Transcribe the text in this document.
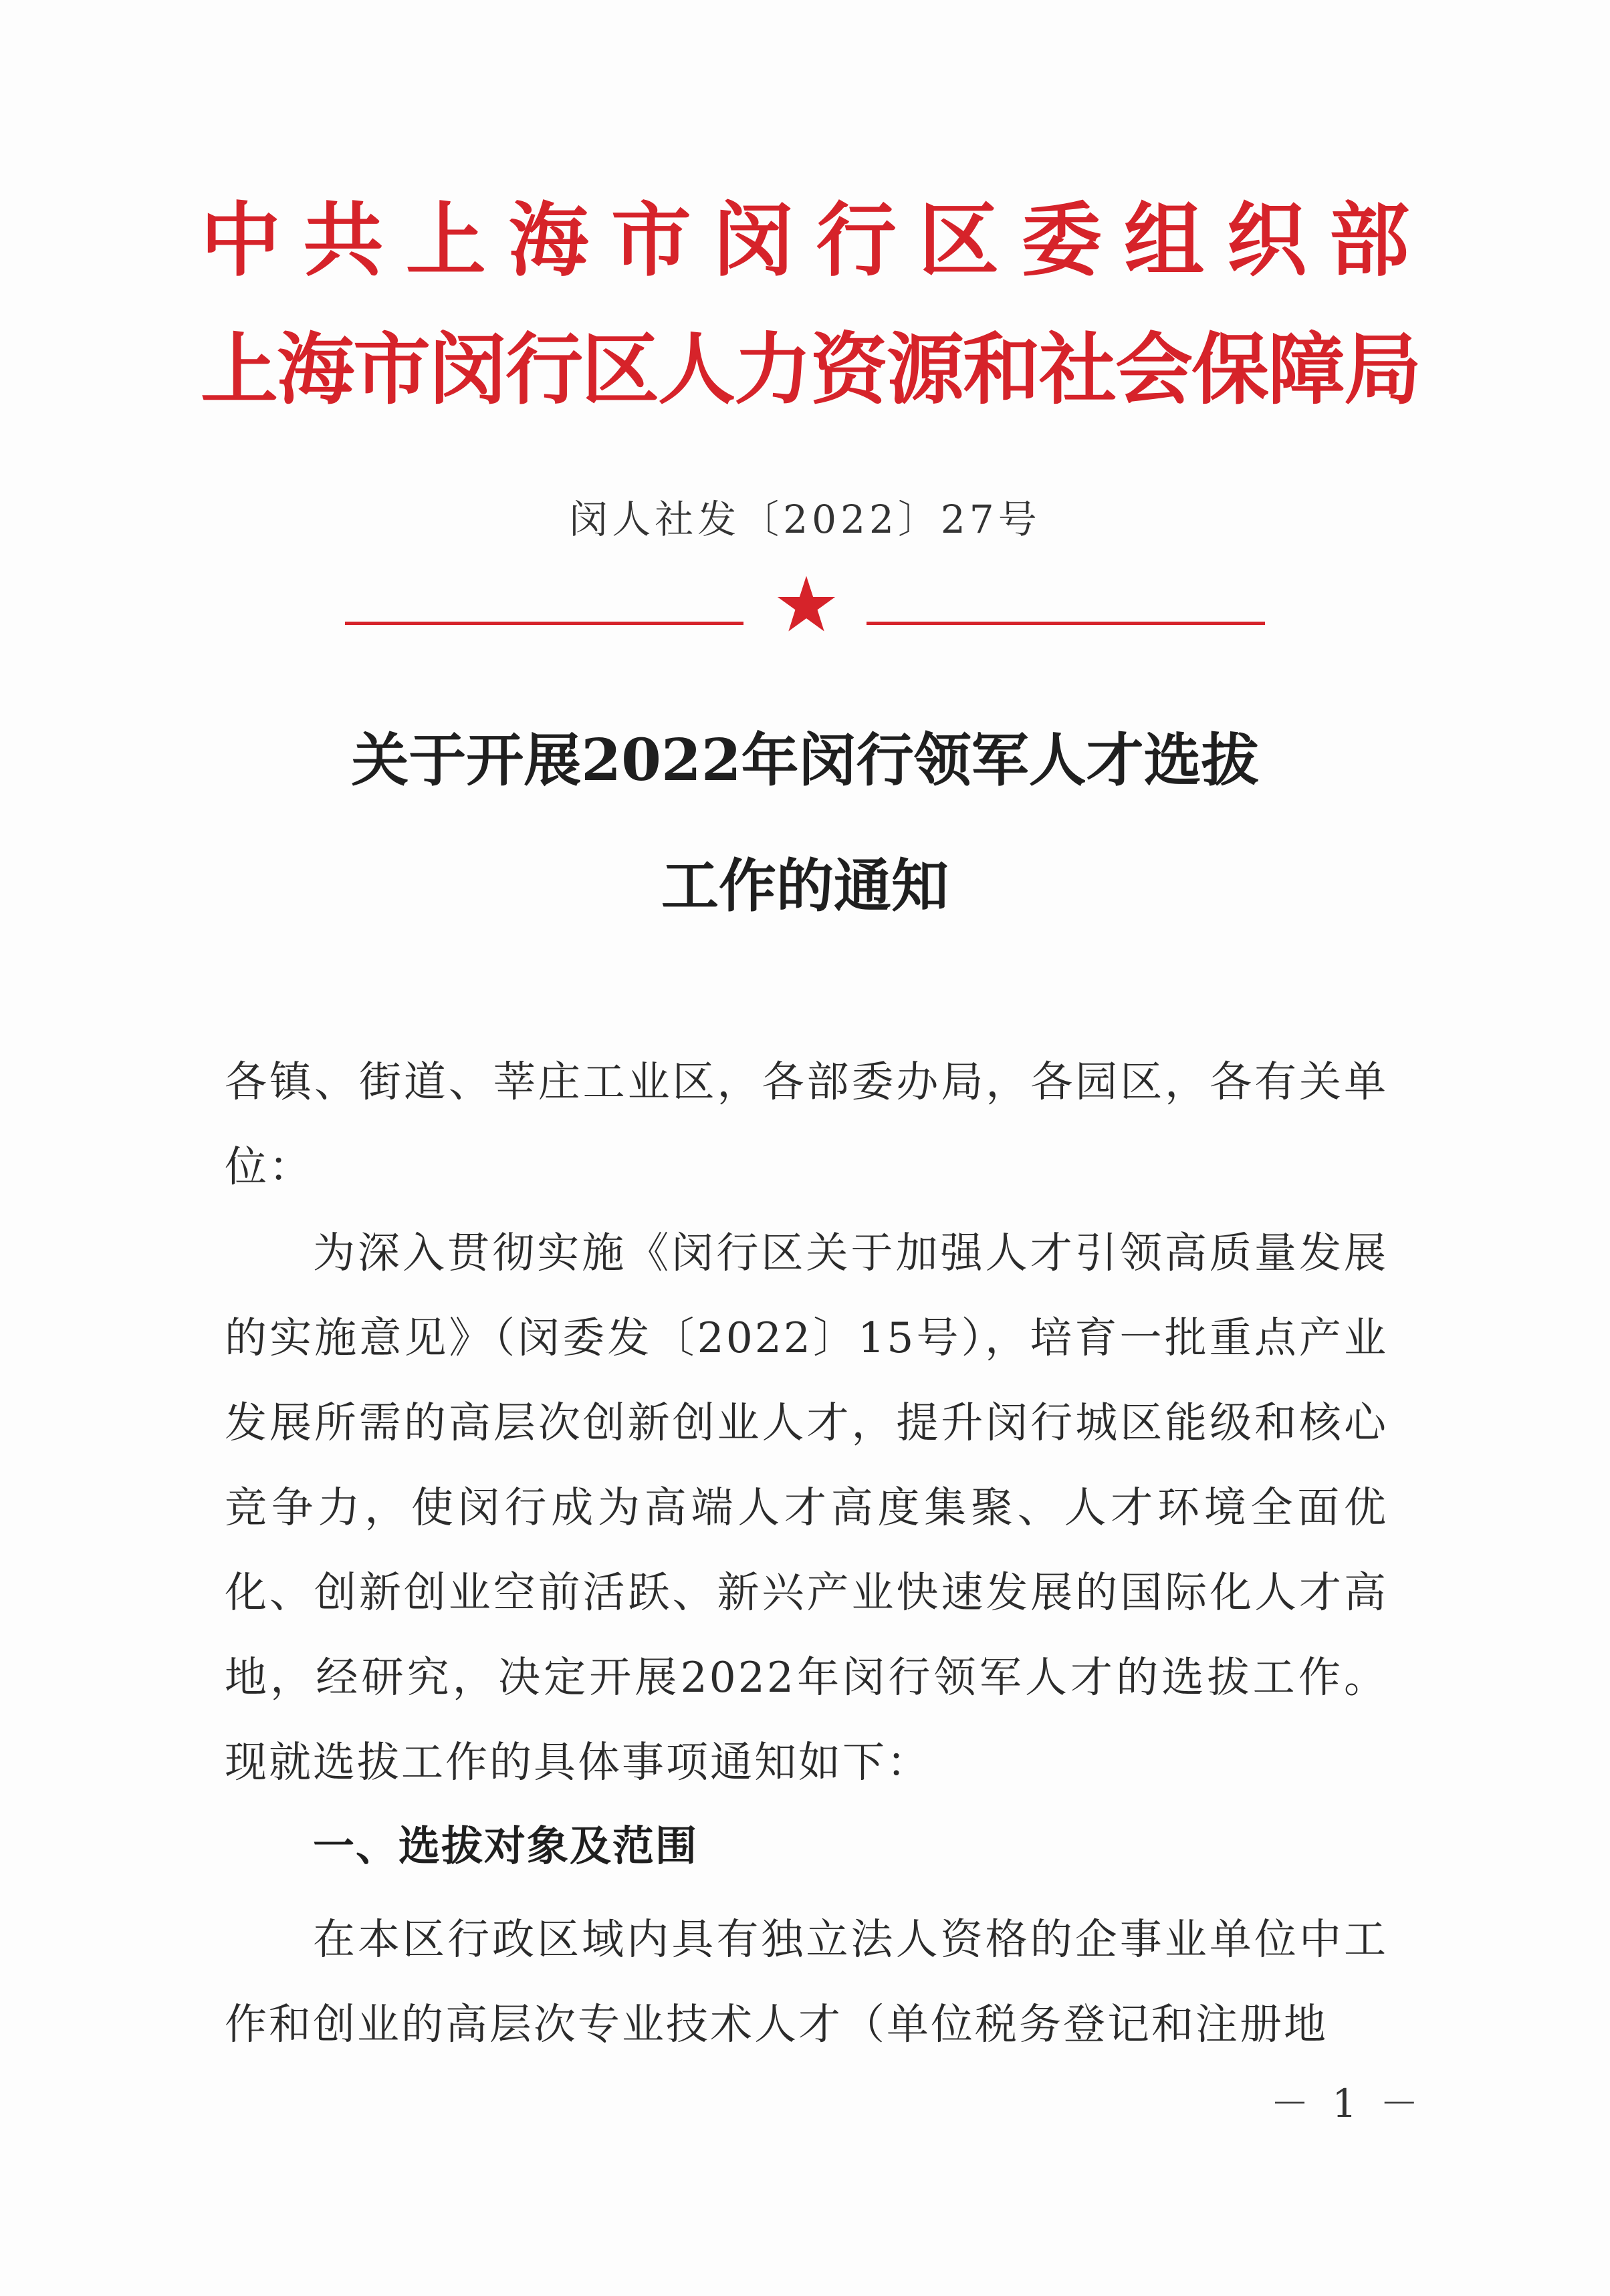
中共上海市闵行区委组织部
上海市闵行区人力资源和社会保障局
闵人社发〔2022〕27号
关于开展2022年闵行领军人才选拔
工作的通知

各镇、街道、莘庄工业区，各部委办局，各园区，各有关单位：

为深入贯彻实施《闵行区关于加强人才引领高质量发展的实施意见》（闵委发〔2022〕15号），培育一批重点产业发展所需的高层次创新创业人才，提升闵行城区能级和核心竞争力，使闵行成为高端人才高度集聚、人才环境全面优化、创新创业空前活跃、新兴产业快速发展的国际化人才高地，经研究，决定开展2022年闵行领军人才的选拔工作。现就选拔工作的具体事项通知如下：

一、选拔对象及范围

在本区行政区域内具有独立法人资格的企事业单位中工作和创业的高层次专业技术人才（单位税务登记和注册地

－ 1 －
